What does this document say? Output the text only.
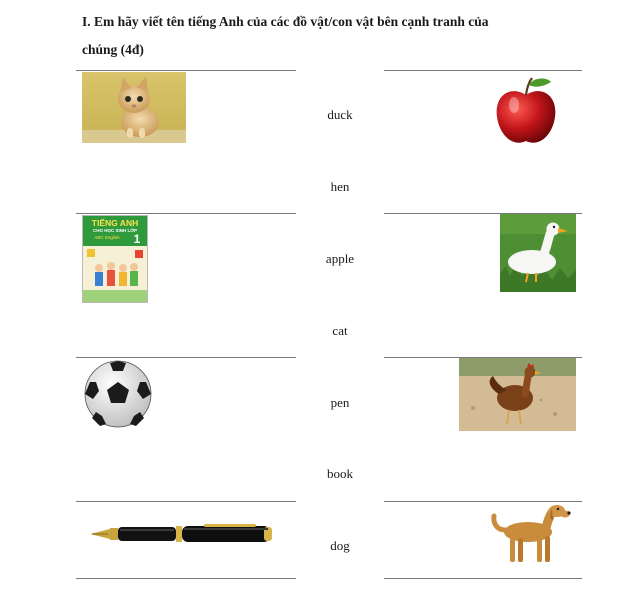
I. Em hãy viết tên tiếng Anh của các đồ vật/con vật bên cạnh tranh của
chúng (4đ)
duck
hen
apple
cat
pen
book
dog
TIẾNG ANH
CHO HỌC SINH LỚP
ABC English	1
